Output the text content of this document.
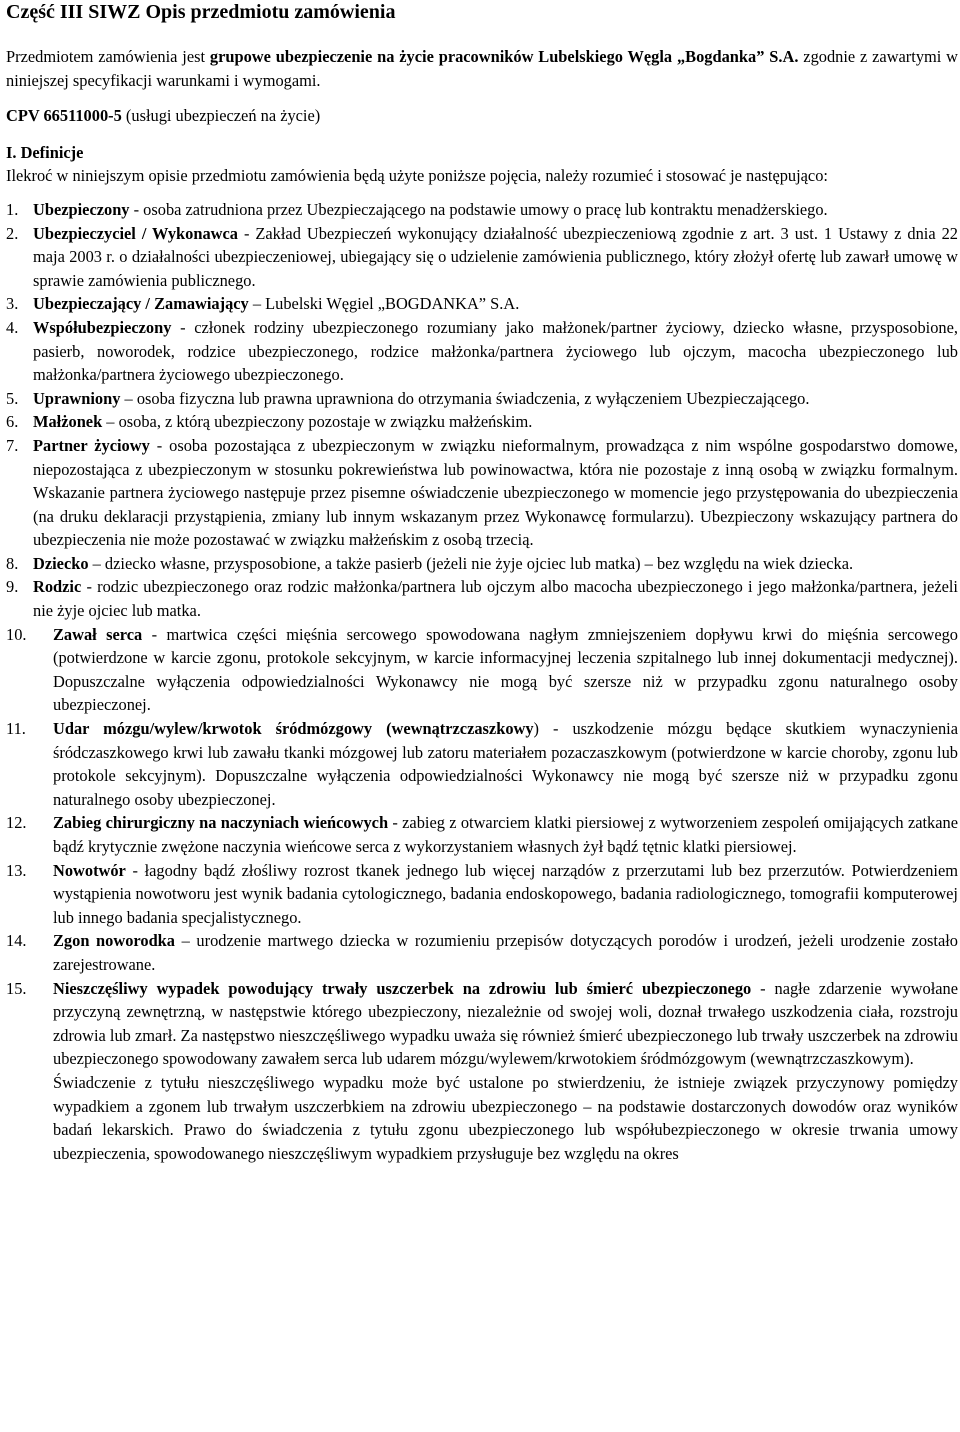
Część III SIWZ Opis przedmiotu zamówienia

Przedmiotem zamówienia jest grupowe ubezpieczenie na życie pracowników Lubelskiego Węgla „Bogdanka” S.A. zgodnie z zawartymi w niniejszej specyfikacji warunkami i wymogami.

CPV 66511000-5 (usługi ubezpieczeń na życie)

I. Definicje

Ilekroć w niniejszym opisie przedmiotu zamówienia będą użyte poniższe pojęcia, należy rozumieć i stosować je następująco:

1. Ubezpieczony - osoba zatrudniona przez Ubezpieczającego na podstawie umowy o pracę lub kontraktu menadżerskiego.
2. Ubezpieczyciel / Wykonawca - Zakład Ubezpieczeń wykonujący działalność ubezpieczeniową zgodnie z art. 3 ust. 1 Ustawy z dnia 22 maja 2003 r. o działalności ubezpieczeniowej, ubiegający się o udzielenie zamówienia publicznego, który złożył ofertę lub zawarł umowę w sprawie zamówienia publicznego.
3. Ubezpieczający / Zamawiający – Lubelski Węgiel „BOGDANKA” S.A.
4. Współubezpieczony - członek rodziny ubezpieczonego rozumiany jako małżonek/partner życiowy, dziecko własne, przysposobione, pasierb, noworodek, rodzice ubezpieczonego, rodzice małżonka/partnera życiowego lub ojczym, macocha ubezpieczonego lub małżonka/partnera życiowego ubezpieczonego.
5. Uprawniony – osoba fizyczna lub prawna uprawniona do otrzymania świadczenia, z wyłączeniem Ubezpieczającego.
6. Małżonek – osoba, z którą ubezpieczony pozostaje w związku małżeńskim.
7. Partner życiowy - osoba pozostająca z ubezpieczonym w związku nieformalnym, prowadząca z nim wspólne gospodarstwo domowe, niepozostająca z ubezpieczonym w stosunku pokrewieństwa lub powinowactwa, która nie pozostaje z inną osobą w związku formalnym. Wskazanie partnera życiowego następuje przez pisemne oświadczenie ubezpieczonego w momencie jego przystępowania do ubezpieczenia (na druku deklaracji przystąpienia, zmiany lub innym wskazanym przez Wykonawcę formularzu). Ubezpieczony wskazujący partnera do ubezpieczenia nie może pozostawać w związku małżeńskim z osobą trzecią.
8. Dziecko – dziecko własne, przysposobione, a także pasierb (jeżeli nie żyje ojciec lub matka) – bez względu na wiek dziecka.
9. Rodzic - rodzic ubezpieczonego oraz rodzic małżonka/partnera lub ojczym albo macocha ubezpieczonego i jego małżonka/partnera, jeżeli nie żyje ojciec lub matka.
10. Zawał serca - martwica części mięśnia sercowego spowodowana nagłym zmniejszeniem dopływu krwi do mięśnia sercowego (potwierdzone w karcie zgonu, protokole sekcyjnym, w karcie informacyjnej leczenia szpitalnego lub innej dokumentacji medycznej). Dopuszczalne wyłączenia odpowiedzialności Wykonawcy nie mogą być szersze niż w przypadku zgonu naturalnego osoby ubezpieczonej.
11. Udar mózgu/wylew/krwotok śródmózgowy (wewnątrzczaszkowy) - uszkodzenie mózgu będące skutkiem wynaczynienia śródczaszkowego krwi lub zawału tkanki mózgowej lub zatoru materiałem pozaczaszkowym (potwierdzone w karcie choroby, zgonu lub protokole sekcyjnym). Dopuszczalne wyłączenia odpowiedzialności Wykonawcy nie mogą być szersze niż w przypadku zgonu naturalnego osoby ubezpieczonej.
12. Zabieg chirurgiczny na naczyniach wieńcowych - zabieg z otwarciem klatki piersiowej z wytworzeniem zespoleń omijających zatkane bądź krytycznie zwężone naczynia wieńcowe serca z wykorzystaniem własnych żył bądź tętnic klatki piersiowej.
13. Nowotwór - łagodny bądź złośliwy rozrost tkanek jednego lub więcej narządów z przerzutami lub bez przerzutów. Potwierdzeniem wystąpienia nowotworu jest wynik badania cytologicznego, badania endoskopowego, badania radiologicznego, tomografii komputerowej lub innego badania specjalistycznego.
14. Zgon noworodka – urodzenie martwego dziecka w rozumieniu przepisów dotyczących porodów i urodzeń, jeżeli urodzenie zostało zarejestrowane.
15. Nieszczęśliwy wypadek powodujący trwały uszczerbek na zdrowiu lub śmierć ubezpieczonego - nagłe zdarzenie wywołane przyczyną zewnętrzną, w następstwie którego ubezpieczony, niezależnie od swojej woli, doznał trwałego uszkodzenia ciała, rozstroju zdrowia lub zmarł. Za następstwo nieszczęśliwego wypadku uważa się również śmierć ubezpieczonego lub trwały uszczerbek na zdrowiu ubezpieczonego spowodowany zawałem serca lub udarem mózgu/wylewem/krwotokiem śródmózgowym (wewnątrzczaszkowym).

Świadczenie z tytułu nieszczęśliwego wypadku może być ustalone po stwierdzeniu, że istnieje związek przyczynowy pomiędzy wypadkiem a zgonem lub trwałym uszczerbkiem na zdrowiu ubezpieczonego – na podstawie dostarczonych dowodów oraz wyników badań lekarskich. Prawo do świadczenia z tytułu zgonu ubezpieczonego lub współubezpieczonego w okresie trwania umowy ubezpieczenia, spowodowanego nieszczęśliwym wypadkiem przysługuje bez względu na okres
